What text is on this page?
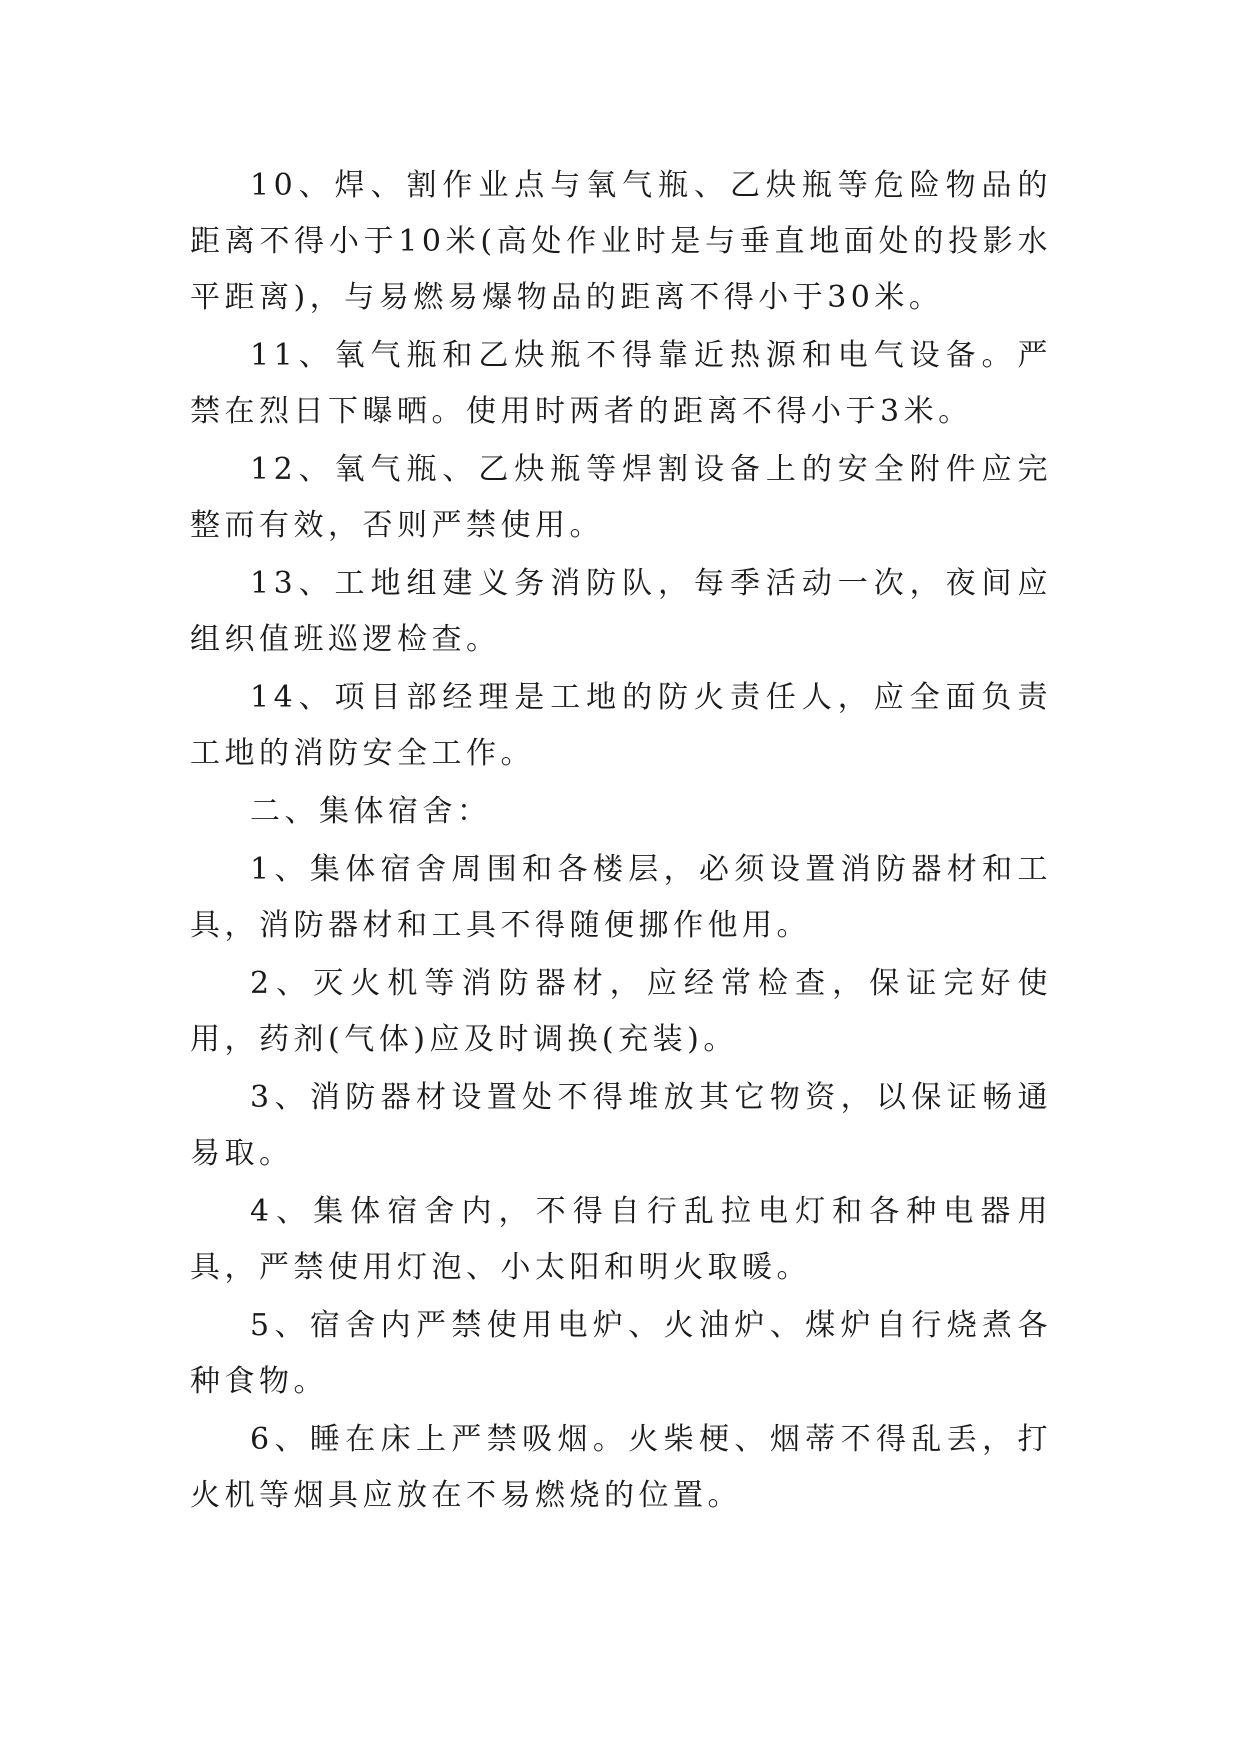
10、焊、割作业点与氧气瓶、乙炔瓶等危险物品的距离不得小于10米(高处作业时是与垂直地面处的投影水平距离)，与易燃易爆物品的距离不得小于30米。

11、氧气瓶和乙炔瓶不得靠近热源和电气设备。严禁在烈日下曝晒。使用时两者的距离不得小于3米。

12、氧气瓶、乙炔瓶等焊割设备上的安全附件应完整而有效，否则严禁使用。

13、工地组建义务消防队，每季活动一次，夜间应组织值班巡逻检查。

14、项目部经理是工地的防火责任人，应全面负责工地的消防安全工作。

二、集体宿舍：

1、集体宿舍周围和各楼层，必须设置消防器材和工具，消防器材和工具不得随便挪作他用。

2、灭火机等消防器材，应经常检查，保证完好使用，药剂(气体)应及时调换(充装)。

3、消防器材设置处不得堆放其它物资，以保证畅通易取。

4、集体宿舍内，不得自行乱拉电灯和各种电器用具，严禁使用灯泡、小太阳和明火取暖。

5、宿舍内严禁使用电炉、火油炉、煤炉自行烧煮各种食物。

6、睡在床上严禁吸烟。火柴梗、烟蒂不得乱丢，打火机等烟具应放在不易燃烧的位置。
